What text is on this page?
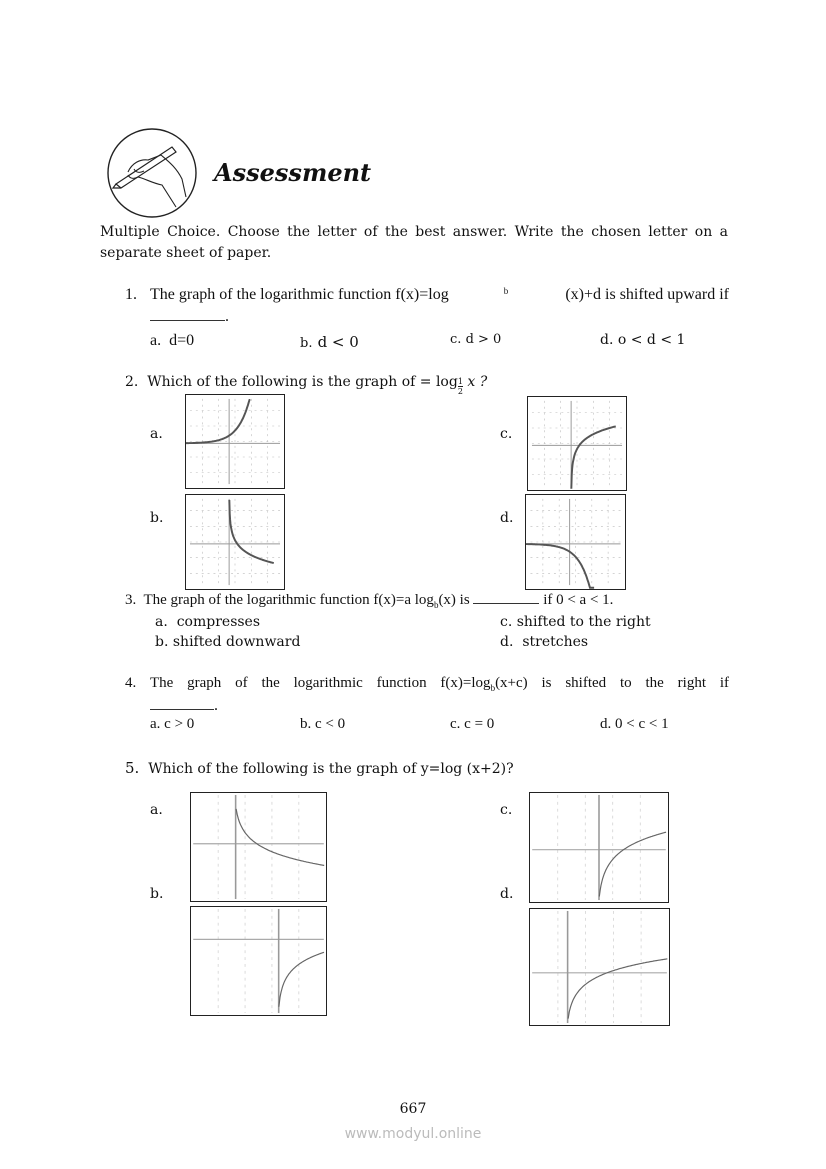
Assessment
Multiple Choice. Choose the letter of the best answer. Write the chosen letter on a
separate sheet of paper.
1. The graph of the logarithmic function f(x)=log	b	(x)+d is shifted upward if
.
a. d=0	b. d < 0	c. d > 0	d. o < d < 1
2. Which of the following is the graph of = $\log \frac{1}{2}$ x ?
a.
b.
c.
d.
3. The graph of the logarithmic function f(x)=a $\log_b(x)$ is	if 0 < a < 1.
a. compresses
b. shifted downward
c. shifted to the right
d. stretches
4. The graph of the logarithmic function $f(x)=\log_b(x+c)$ is shifted to the right if
.
a. c > 0	b. c < 0	c. c = 0	d. 0 < c < 1
5. Which of the following is the graph of y=log (x+2)?
a.
b.
c.
d.
667
www.modyul.online
